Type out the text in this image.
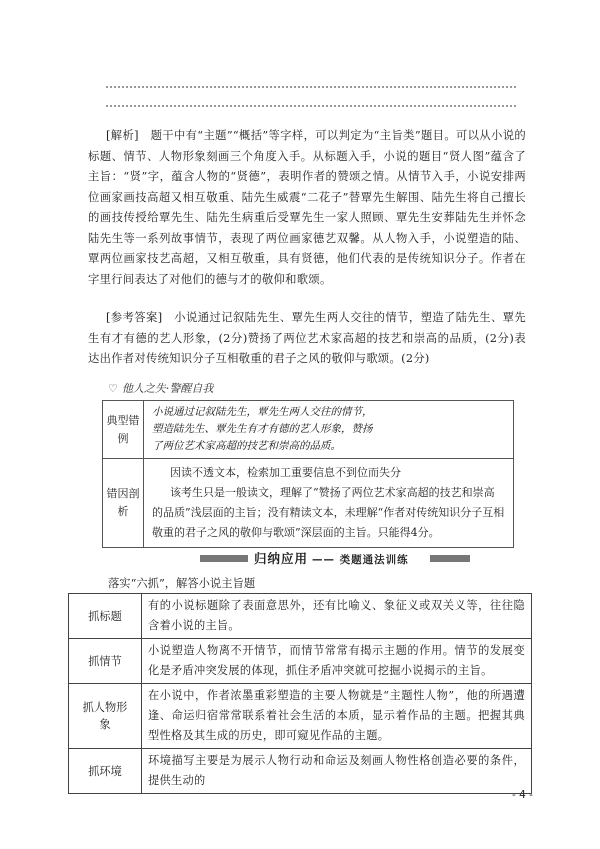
[解析]　题干中有“主题”“概括”等字样，可以判定为“主旨类”题目。可以从小说的标题、情节、人物形象刻画三个角度入手。从标题入手，小说的题目“贤人图”蕴含了主旨：“贤”字，蕴含人物的“贤德”，表明作者的赞颂之情。从情节入手，小说安排两位画家画技高超又相互敬重、陆先生威震“二花子”替覃先生解围、陆先生将自己擅长的画技传授给覃先生、陆先生病重后受覃先生一家人照顾、覃先生安葬陆先生并怀念陆先生等一系列故事情节，表现了两位画家德艺双馨。从人物入手，小说塑造的陆、覃两位画家技艺高超，又相互敬重，具有贤德，他们代表的是传统知识分子。作者在字里行间表达了对他们的德与才的敬仰和歌颂。
[参考答案]　小说通过记叙陆先生、覃先生两人交往的情节，塑造了陆先生、覃先生有才有德的艺人形象，(2分)赞扬了两位艺术家高超的技艺和崇高的品质，(2分)表达出作者对传统知识分子互相敬重的君子之风的敬仰与歌颂。(2分)
♡ 他人之失·警醒自我
典型错例	小说通过记叙陆先生，覃先生两人交往的情节，
塑造陆先生、覃先生有才有德的艺人形象，赞扬
了两位艺术家高超的技艺和崇高的品质。

错因剖析	因读不透文本，检索加工重要信息不到位而失分
该考生只是一般读文，理解了“赞扬了两位艺术家高超的技艺和崇高的品质”浅层面的主旨；没有精读文本，未理解“作者对传统知识分子互相敬重的君子之风的敬仰与歌颂”深层面的主旨。只能得4分。
归纳应用 —— 类题通法训练
落实“六抓”，解答小说主旨题
抓标题	有的小说标题除了表面意思外，还有比喻义、象征义或双关义等，往往隐含着小说的主旨。
抓情节	小说塑造人物离不开情节，而情节常常有揭示主题的作用。情节的发展变化是矛盾冲突发展的体现，抓住矛盾冲突就可挖掘小说揭示的主旨。
抓人物形象	在小说中，作者浓墨重彩塑造的主要人物就是“主题性人物”，他的所遇遭逢、命运归宿常常联系着社会生活的本质，显示着作品的主题。把握其典型性格及其生成的历史，即可窥见作品的主题。
抓环境	环境描写主要是为展示人物行动和命运及刻画人物性格创造必要的条件，提供生动的
- 4 -
